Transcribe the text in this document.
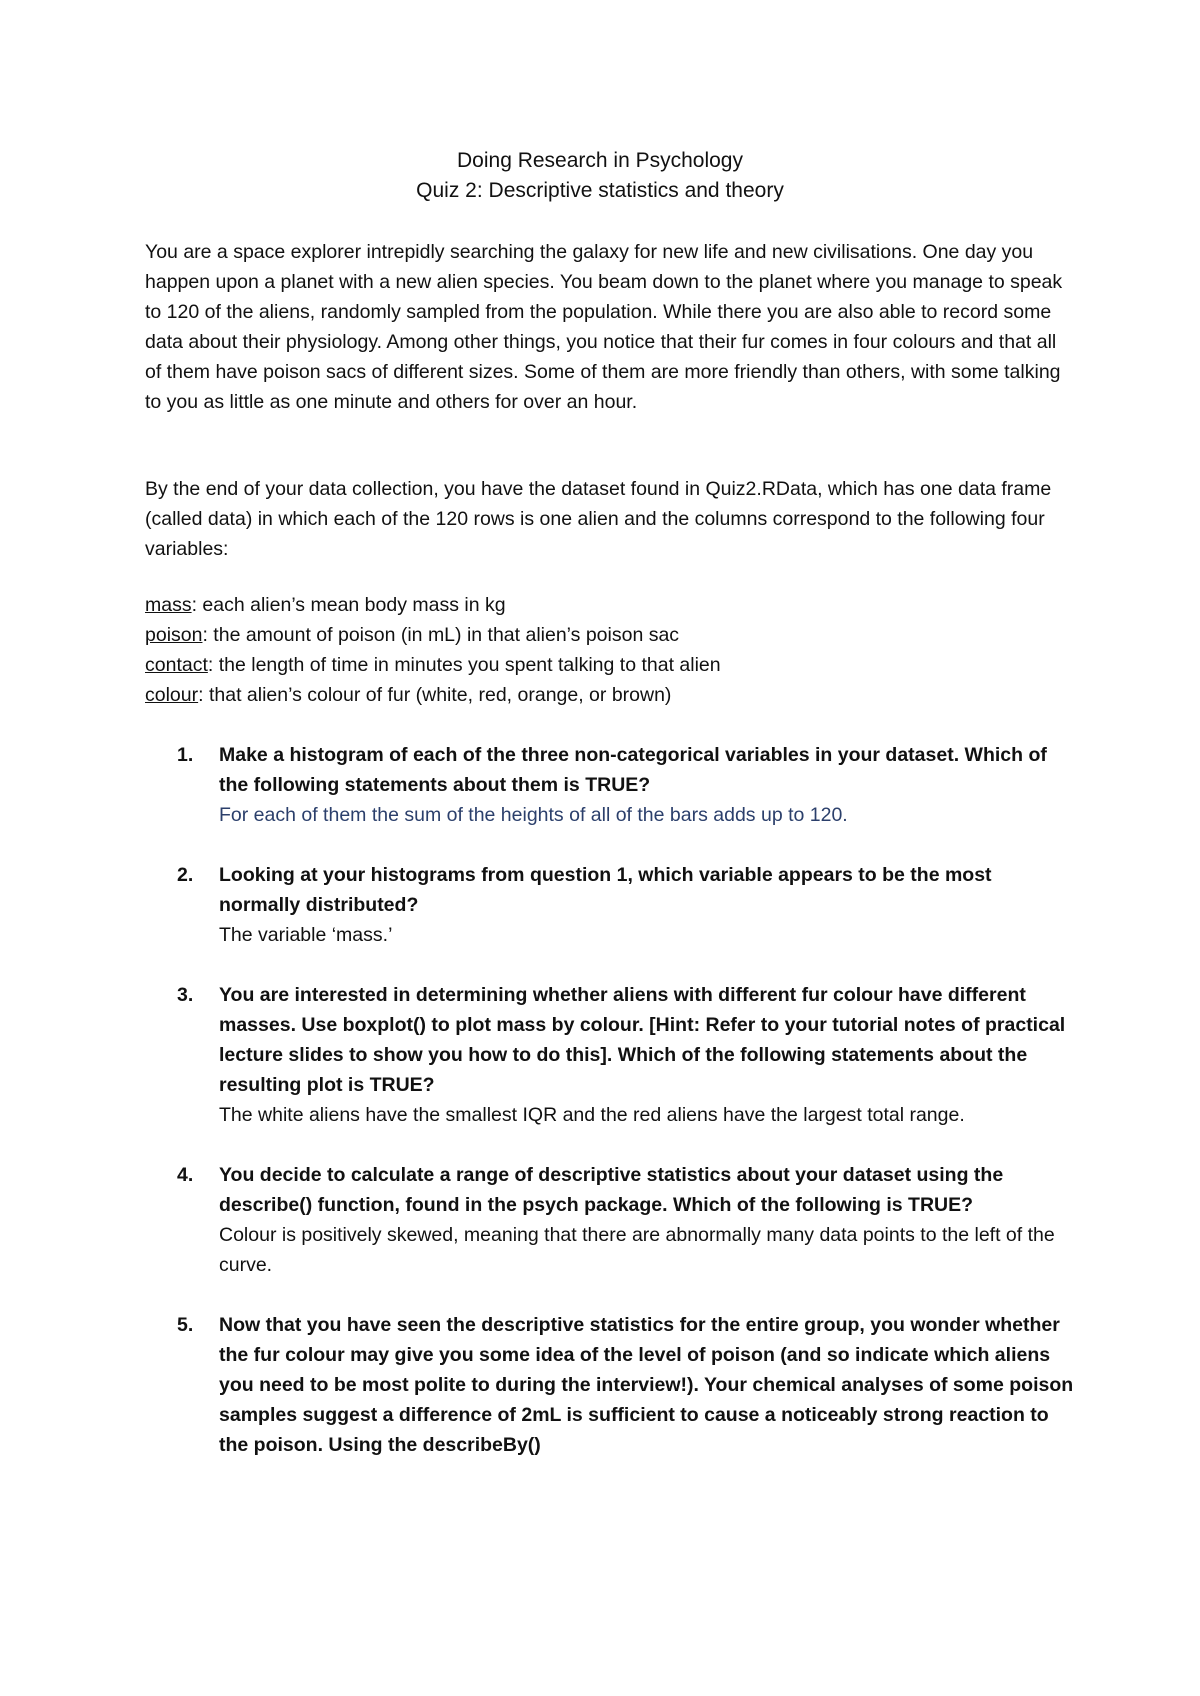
Doing Research in Psychology
Quiz 2: Descriptive statistics and theory

You are a space explorer intrepidly searching the galaxy for new life and new civilisations. One day you happen upon a planet with a new alien species. You beam down to the planet where you manage to speak to 120 of the aliens, randomly sampled from the population. While there you are also able to record some data about their physiology. Among other things, you notice that their fur comes in four colours and that all of them have poison sacs of different sizes. Some of them are more friendly than others, with some talking to you as little as one minute and others for over an hour.

By the end of your data collection, you have the dataset found in Quiz2.RData, which has one data frame (called data) in which each of the 120 rows is one alien and the columns correspond to the following four variables:

mass: each alien’s mean body mass in kg
poison: the amount of poison (in mL) in that alien’s poison sac
contact: the length of time in minutes you spent talking to that alien
colour: that alien’s colour of fur (white, red, orange, or brown)
1. Make a histogram of each of the three non-categorical variables in your dataset. Which of the following statements about them is TRUE?
For each of them the sum of the heights of all of the bars adds up to 120.
2. Looking at your histograms from question 1, which variable appears to be the most normally distributed?
The variable ‘mass.’
3. You are interested in determining whether aliens with different fur colour have different masses. Use boxplot() to plot mass by colour. [Hint: Refer to your tutorial notes of practical lecture slides to show you how to do this]. Which of the following statements about the resulting plot is TRUE?
The white aliens have the smallest IQR and the red aliens have the largest total range.
4. You decide to calculate a range of descriptive statistics about your dataset using the describe() function, found in the psych package. Which of the following is TRUE?
Colour is positively skewed, meaning that there are abnormally many data points to the left of the curve.
5. Now that you have seen the descriptive statistics for the entire group, you wonder whether the fur colour may give you some idea of the level of poison (and so indicate which aliens you need to be most polite to during the interview!). Your chemical analyses of some poison samples suggest a difference of 2mL is sufficient to cause a noticeably strong reaction to the poison. Using the describeBy()
